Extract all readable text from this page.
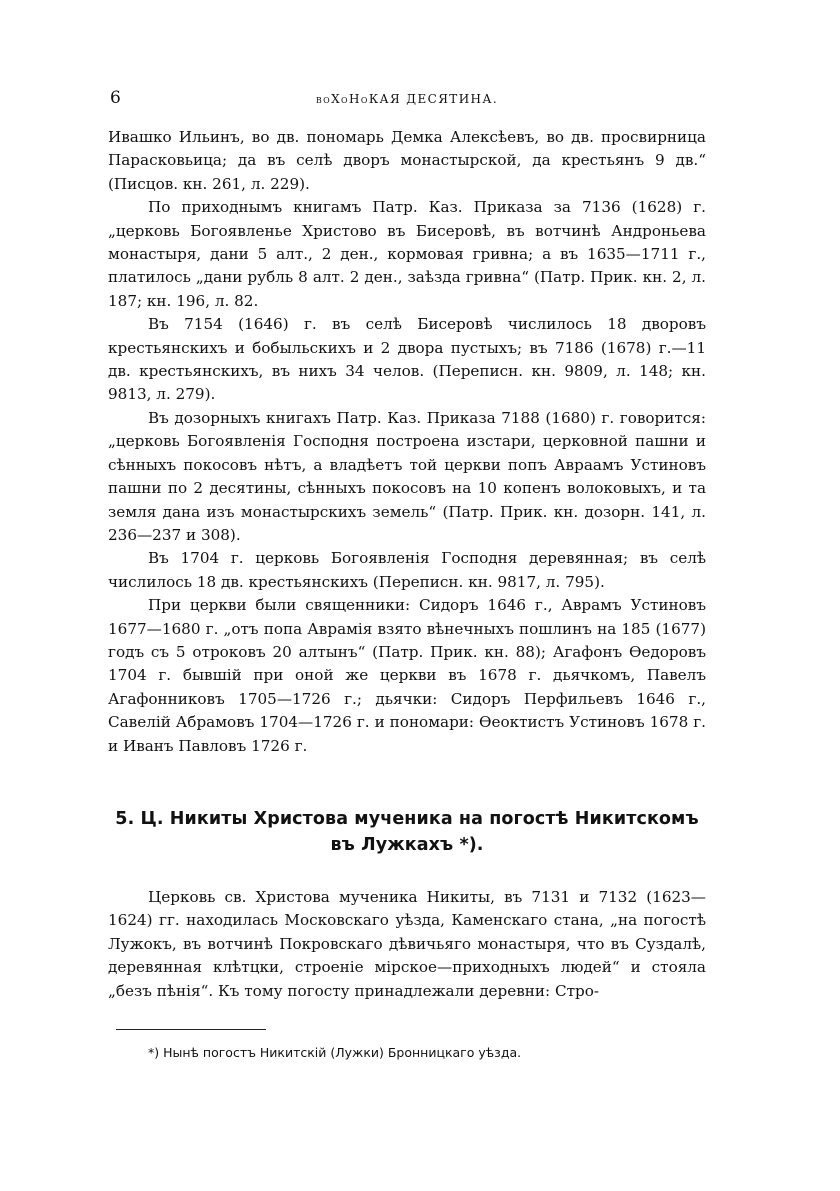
6	воХоНоКАЯ ДЕСЯТИНА.

Ивашко Ильинъ, во дв. пономарь Демка Алексѣевъ, во дв. просвирница Парасковьица; да въ селѣ дворъ монастырской, да крестьянъ 9 дв.“ (Писцов. кн. 261, л. 229).

По приходнымъ книгамъ Патр. Каз. Приказа за 7136 (1628) г. „церковь Богоявленье Христово въ Бисеровѣ, въ вотчинѣ Андроньева монастыря, дани 5 алт., 2 ден., кормовая гривна; а въ 1635—1711 г., платилось „дани рубль 8 алт. 2 ден., заѣзда гривна“ (Патр. Прик. кн. 2, л. 187; кн. 196, л. 82.

Въ 7154 (1646) г. въ селѣ Бисеровѣ числилось 18 дворовъ крестьянскихъ и бобыльскихъ и 2 двора пустыхъ; въ 7186 (1678) г.—11 дв. крестьянскихъ, въ нихъ 34 челов. (Переписн. кн. 9809, л. 148; кн. 9813, л. 279).

Въ дозорныхъ книгахъ Патр. Каз. Приказа 7188 (1680) г. говорится: „церковь Богоявленія Господня построена изстари, церковной пашни и сѣнныхъ покосовъ нѣтъ, а владѣетъ той церкви попъ Авраамъ Устиновъ пашни по 2 десятины, сѣнныхъ покосовъ на 10 копенъ волоковыхъ, и та земля дана изъ монастырскихъ земель“ (Патр. Прик. кн. дозорн. 141, л. 236—237 и 308).

Въ 1704 г. церковь Богоявленія Господня деревянная; въ селѣ числилось 18 дв. крестьянскихъ (Переписн. кн. 9817, л. 795).

При церкви были священники: Сидоръ 1646 г., Аврамъ Устиновъ 1677—1680 г. „отъ попа Аврамія взято вѣнечныхъ пошлинъ на 185 (1677) годъ съ 5 отроковъ 20 алтынъ“ (Патр. Прик. кн. 88); Агафонъ Өедоровъ 1704 г. бывшій при оной же церкви въ 1678 г. дьячкомъ, Павелъ Агафонниковъ 1705—1726 г.; дьячки: Сидоръ Перфильевъ 1646 г., Савелій Абрамовъ 1704—1726 г. и пономари: Өеоктистъ Устиновъ 1678 г. и Иванъ Павловъ 1726 г.

5. Ц. Никиты Христова мученика на погостѣ Никитскомъ въ Лужкахъ *).

Церковь св. Христова мученика Никиты, въ 7131 и 7132 (1623—1624) гг. находилась Московскаго уѣзда, Каменскаго стана, „на погостѣ Лужокъ, въ вотчинѣ Покровскаго дѣвичьяго монастыря, что въ Суздалѣ, деревянная клѣтцки, строеніе мірское—приходныхъ людей“ и стояла „безъ пѣнія“. Къ тому погосту принадлежали деревни: Стро-

*) Нынѣ погостъ Никитскій (Лужки) Бронницкаго уѣзда.
